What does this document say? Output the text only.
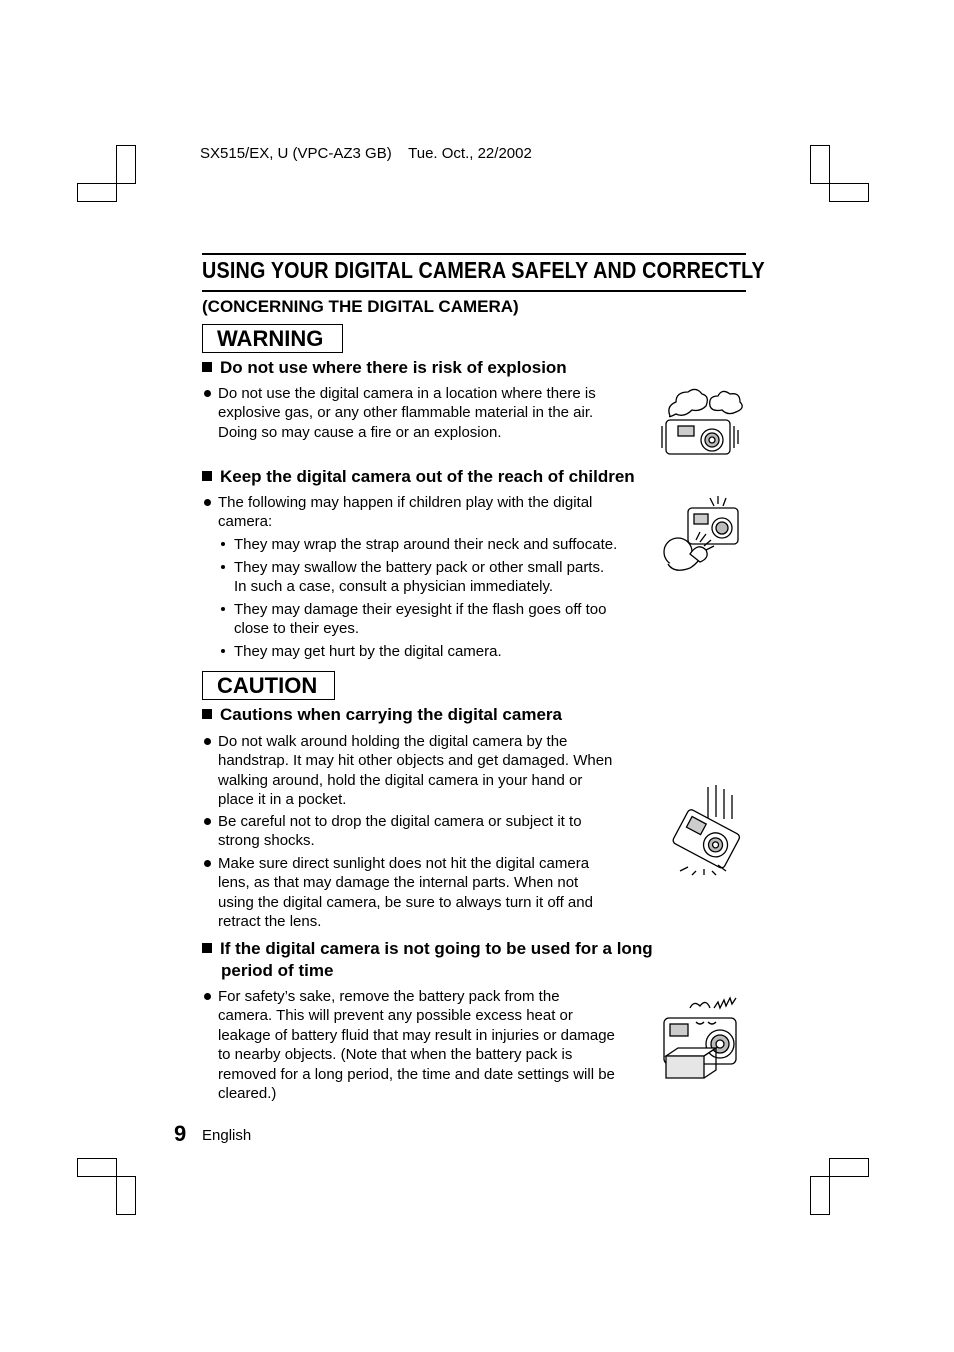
SX515/EX, U (VPC-AZ3 GB)    Tue. Oct., 22/2002
USING YOUR DIGITAL CAMERA SAFELY AND CORRECTLY
(CONCERNING THE DIGITAL CAMERA)
WARNING
Do not use where there is risk of explosion
Do not use the digital camera in a location where there is
explosive gas, or any other flammable material in the air.
Doing so may cause a fire or an explosion.
Keep the digital camera out of the reach of children
The following may happen if children play with the digital
camera:
They may wrap the strap around their neck and suffocate.
They may swallow the battery pack or other small parts.
In such a case, consult a physician immediately.
They may damage their eyesight if the flash goes off too
close to their eyes.
They may get hurt by the digital camera.
CAUTION
Cautions when carrying the digital camera
Do not walk around holding the digital camera by the
handstrap. It may hit other objects and get damaged. When
walking around, hold the digital camera in your hand or
place it in a pocket.
Be careful not to drop the digital camera or subject it to
strong shocks.
Make sure direct sunlight does not hit the digital camera
lens, as that may damage the internal parts. When not
using the digital camera, be sure to always turn it off and
retract the lens.
If the digital camera is not going to be used for a long
period of time
For safety’s sake, remove the battery pack from the
camera. This will prevent any possible excess heat or
leakage of battery fluid that may result in injuries or damage
to nearby objects. (Note that when the battery pack is
removed for a long period, the time and date settings will be
cleared.)
9 English
